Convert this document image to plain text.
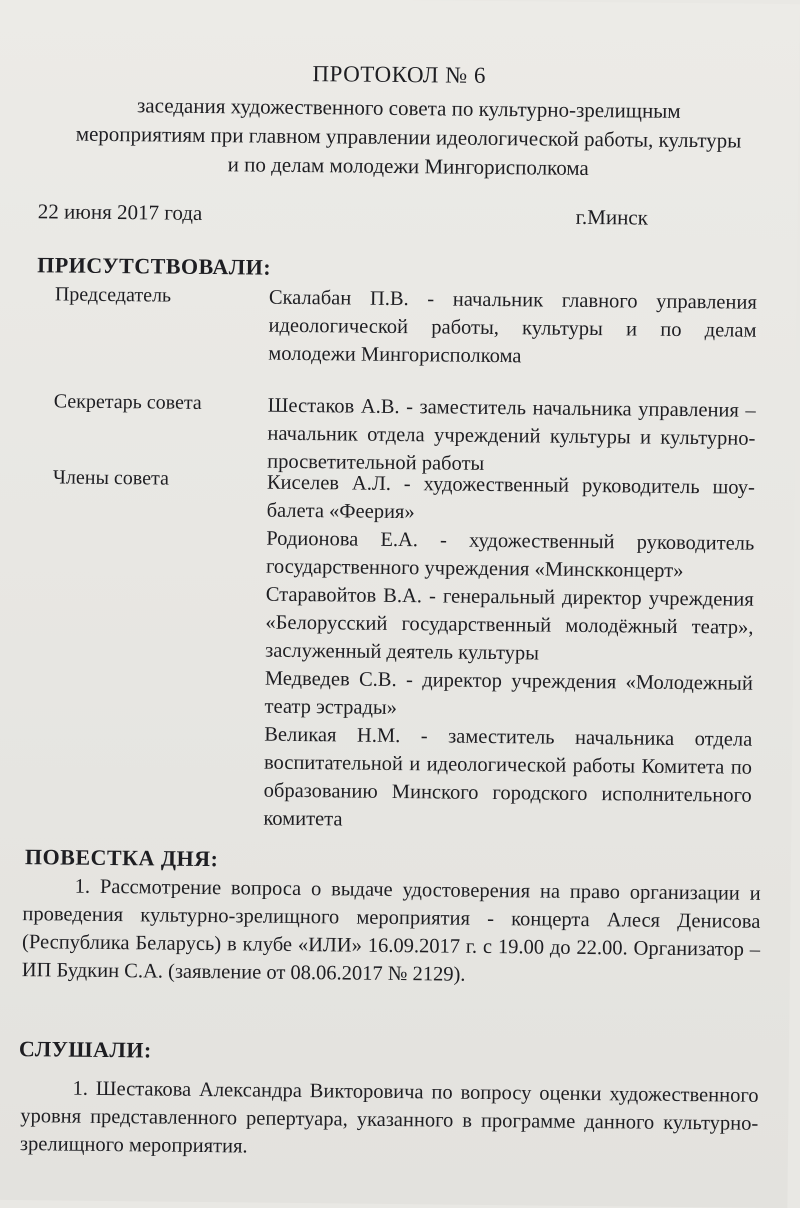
ПРОТОКОЛ № 6
заседания художественного совета по культурно-зрелищным
мероприятиям при главном управлении идеологической работы, культуры
и по делам молодежи Мингорисполкома
22 июня 2017 года	г.Минск
ПРИСУТСТВОВАЛИ:
Председатель	Скалабан П.В. - начальник главного управления идеологической работы, культуры и по делам молодежи Мингорисполкома
Секретарь совета	Шестаков А.В. - заместитель начальника управления – начальник отдела учреждений культуры и культурно-просветительной работы
Члены совета	Киселев А.Л. - художественный руководитель шоу-балета «Феерия»
Родионова Е.А. - художественный руководитель государственного учреждения «Минскконцерт»
Старавойтов В.А. - генеральный директор учреждения «Белорусский государственный молодёжный театр», заслуженный деятель культуры
Медведев С.В. - директор учреждения «Молодежный театр эстрады»
Великая Н.М. - заместитель начальника отдела воспитательной и идеологической работы Комитета по образованию Минского городского исполнительного комитета
ПОВЕСТКА ДНЯ:
1. Рассмотрение вопроса о выдаче удостоверения на право организации и проведения культурно-зрелищного мероприятия - концерта Алеся Денисова (Республика Беларусь) в клубе «ИЛИ» 16.09.2017 г. с 19.00 до 22.00. Организатор – ИП Будкин С.А. (заявление от 08.06.2017 № 2129).
СЛУШАЛИ:
1. Шестакова Александра Викторовича по вопросу оценки художественного уровня представленного репертуара, указанного в программе данного культурно-зрелищного мероприятия.
